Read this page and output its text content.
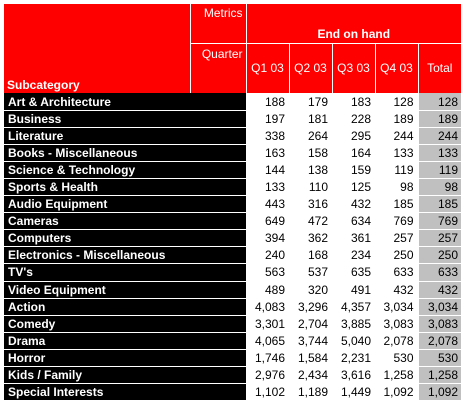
Subcategory	Metrics	End on hand				
	Quarter	Q1 03	Q2 03	Q3 03	Q4 03	Total

Art & Architecture		188	179	183	128	128
Business		197	181	228	189	189
Literature		338	264	295	244	244
Books - Miscellaneous		163	158	164	133	133
Science & Technology		144	138	159	119	119
Sports & Health		133	110	125	98	98
Audio Equipment		443	316	432	185	185
Cameras		649	472	634	769	769
Computers		394	362	361	257	257
Electronics - Miscellaneous		240	168	234	250	250
TV's		563	537	635	633	633
Video Equipment		489	320	491	432	432
Action		4,083	3,296	4,357	3,034	3,034
Comedy		3,301	2,704	3,885	3,083	3,083
Drama		4,065	3,744	5,040	2,078	2,078
Horror		1,746	1,584	2,231	530	530
Kids / Family		2,976	2,434	3,616	1,258	1,258
Special Interests		1,102	1,189	1,449	1,092	1,092
